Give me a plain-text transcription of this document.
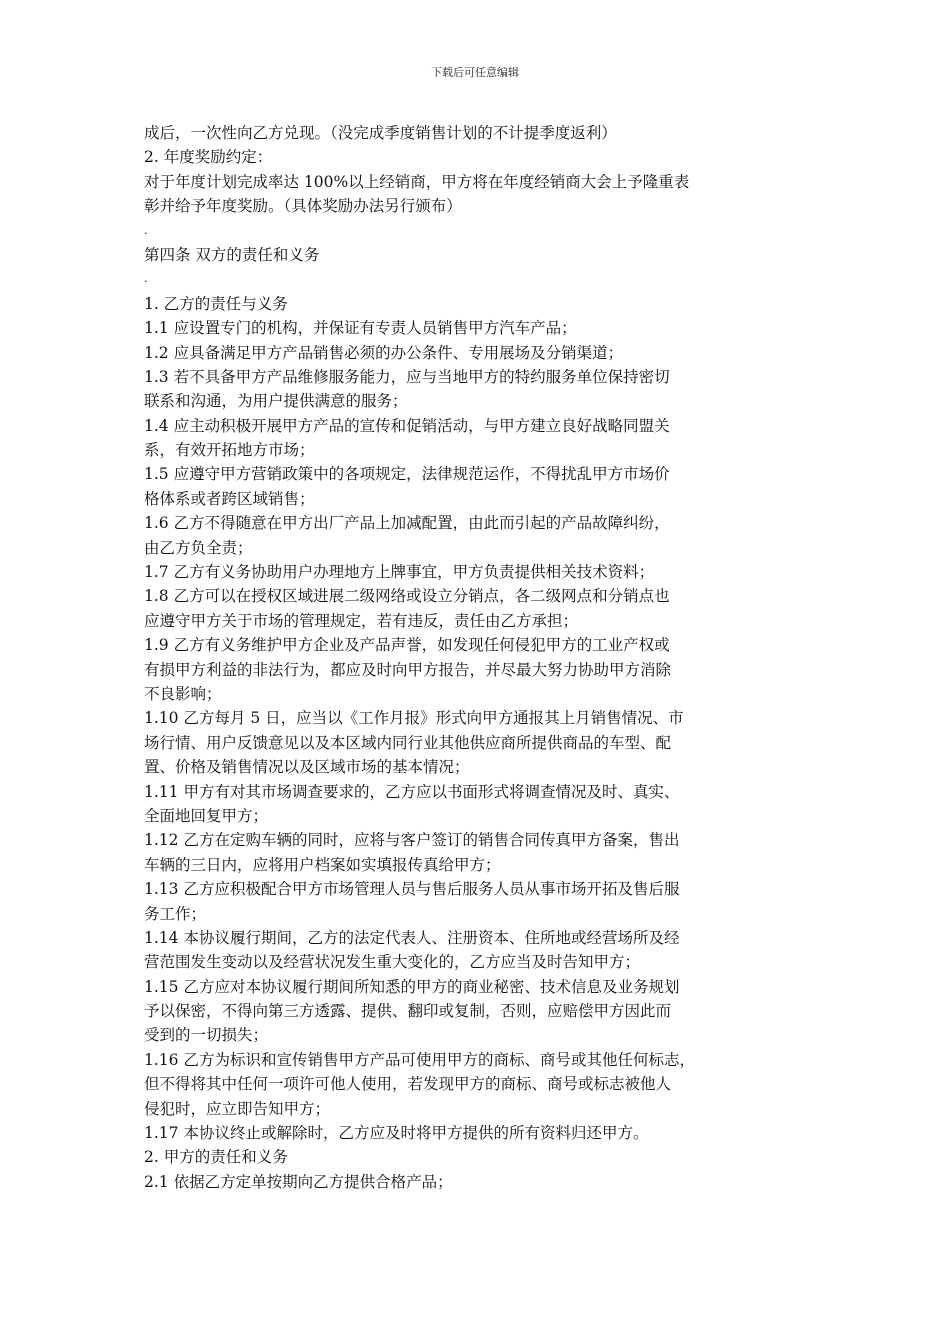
下载后可任意编辑
成后，一次性向乙方兑现。（没完成季度销售计划的不计提季度返利）
2. 年度奖励约定：
对于年度计划完成率达 100%以上经销商，甲方将在年度经销商大会上予隆重表
彰并给予年度奖励。（具体奖励办法另行颁布）
.
第四条 双方的责任和义务
.
1. 乙方的责任与义务
1.1 应设置专门的机构，并保证有专责人员销售甲方汽车产品；
1.2 应具备满足甲方产品销售必须的办公条件、专用展场及分销渠道；
1.3 若不具备甲方产品维修服务能力，应与当地甲方的特约服务单位保持密切
联系和沟通，为用户提供满意的服务；
1.4 应主动积极开展甲方产品的宣传和促销活动，与甲方建立良好战略同盟关
系，有效开拓地方市场；
1.5 应遵守甲方营销政策中的各项规定，法律规范运作，不得扰乱甲方市场价
格体系或者跨区域销售；
1.6 乙方不得随意在甲方出厂产品上加减配置，由此而引起的产品故障纠纷，
由乙方负全责；
1.7 乙方有义务协助用户办理地方上牌事宜，甲方负责提供相关技术资料；
1.8 乙方可以在授权区域进展二级网络或设立分销点，各二级网点和分销点也
应遵守甲方关于市场的管理规定，若有违反，责任由乙方承担；
1.9 乙方有义务维护甲方企业及产品声誉，如发现任何侵犯甲方的工业产权或
有损甲方利益的非法行为，都应及时向甲方报告，并尽最大努力协助甲方消除
不良影响；
1.10 乙方每月 5 日，应当以《工作月报》形式向甲方通报其上月销售情况、市
场行情、用户反馈意见以及本区域内同行业其他供应商所提供商品的车型、配
置、价格及销售情况以及区域市场的基本情况；
1.11 甲方有对其市场调查要求的，乙方应以书面形式将调查情况及时、真实、
全面地回复甲方；
1.12 乙方在定购车辆的同时，应将与客户签订的销售合同传真甲方备案，售出
车辆的三日内，应将用户档案如实填报传真给甲方；
1.13 乙方应积极配合甲方市场管理人员与售后服务人员从事市场开拓及售后服
务工作；
1.14 本协议履行期间，乙方的法定代表人、注册资本、住所地或经营场所及经
营范围发生变动以及经营状况发生重大变化的，乙方应当及时告知甲方；
1.15 乙方应对本协议履行期间所知悉的甲方的商业秘密、技术信息及业务规划
予以保密，不得向第三方透露、提供、翻印或复制，否则，应赔偿甲方因此而
受到的一切损失；
1.16 乙方为标识和宣传销售甲方产品可使用甲方的商标、商号或其他任何标志，
但不得将其中任何一项许可他人使用，若发现甲方的商标、商号或标志被他人
侵犯时，应立即告知甲方；
1.17 本协议终止或解除时，乙方应及时将甲方提供的所有资料归还甲方。
2. 甲方的责任和义务
2.1 依据乙方定单按期向乙方提供合格产品；
